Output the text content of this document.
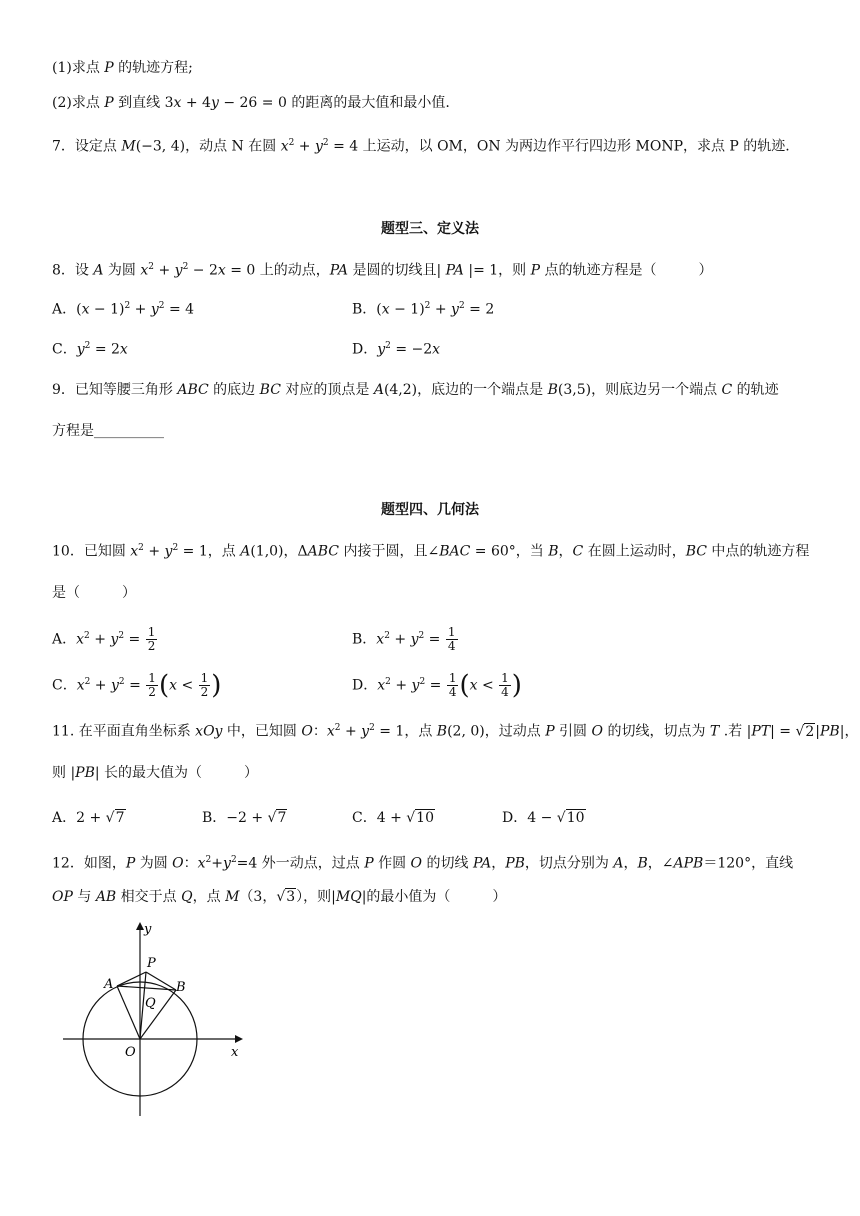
(1)求点 P 的轨迹方程;
(2)求点 P 到直线 3x + 4y − 26 = 0 的距离的最大值和最小值.
7．设定点 M(−3, 4)，动点 N 在圆 $x^2 + y^2 = 4$ 上运动，以 OM，ON 为两边作平行四边形 MONP，求点 P 的轨迹.
题型三、定义法
8．设 A 为圆 $x^2 + y^2 - 2x = 0$ 上的动点，PA 是圆的切线且| PA |= 1，则 P 点的轨迹方程是（　　　）
A．$(x - 1)^2 + y^2 = 4$	B．$(x - 1)^2 + y^2 = 2$
C．$y^2 = 2x$	D．$y^2 = -2x$
9．已知等腰三角形 ABC 的底边 BC 对应的顶点是 A(4,2)，底边的一个端点是 B(3,5)，则底边另一个端点 C 的轨迹
方程是__________
题型四、几何法
10．已知圆 $x^2 + y^2 = 1$，点 A(1,0)，ΔABC 内接于圆，且∠BAC = 60°，当 B，C 在圆上运动时，BC 中点的轨迹方程
是（　　　）
A．$x^2 + y^2 = \frac{1}{2}$	B．$x^2 + y^2 = \frac{1}{4}$
C．$x^2 + y^2 = \frac{1}{2} (x < \frac{1}{2}$ )	D．$x^2 + y^2 = \frac{1}{4} (x < \frac{1}{4}$ )
11. 在平面直角坐标系 xOy 中，已知圆 O：$x^2 + y^2 = 1$，点 B(2, 0)，过动点 P 引圆 O 的切线，切点为 T .若 |PT| = √2|PB|，
则 |PB| 长的最大值为（　　　）
A．2 + √7	B．−2 + √7	C．4 + √10	D．4 − √10
12．如图，P 为圆 O：$x^2+y^2=4$ 外一动点，过点 P 作圆 O 的切线 PA，PB，切点分别为 A，B，∠APB＝120°，直线
OP 与 AB 相交于点 Q，点 M（3，√3），则|MQ|的最小值为（　　　）
y
P
A	B
Q
O	x
